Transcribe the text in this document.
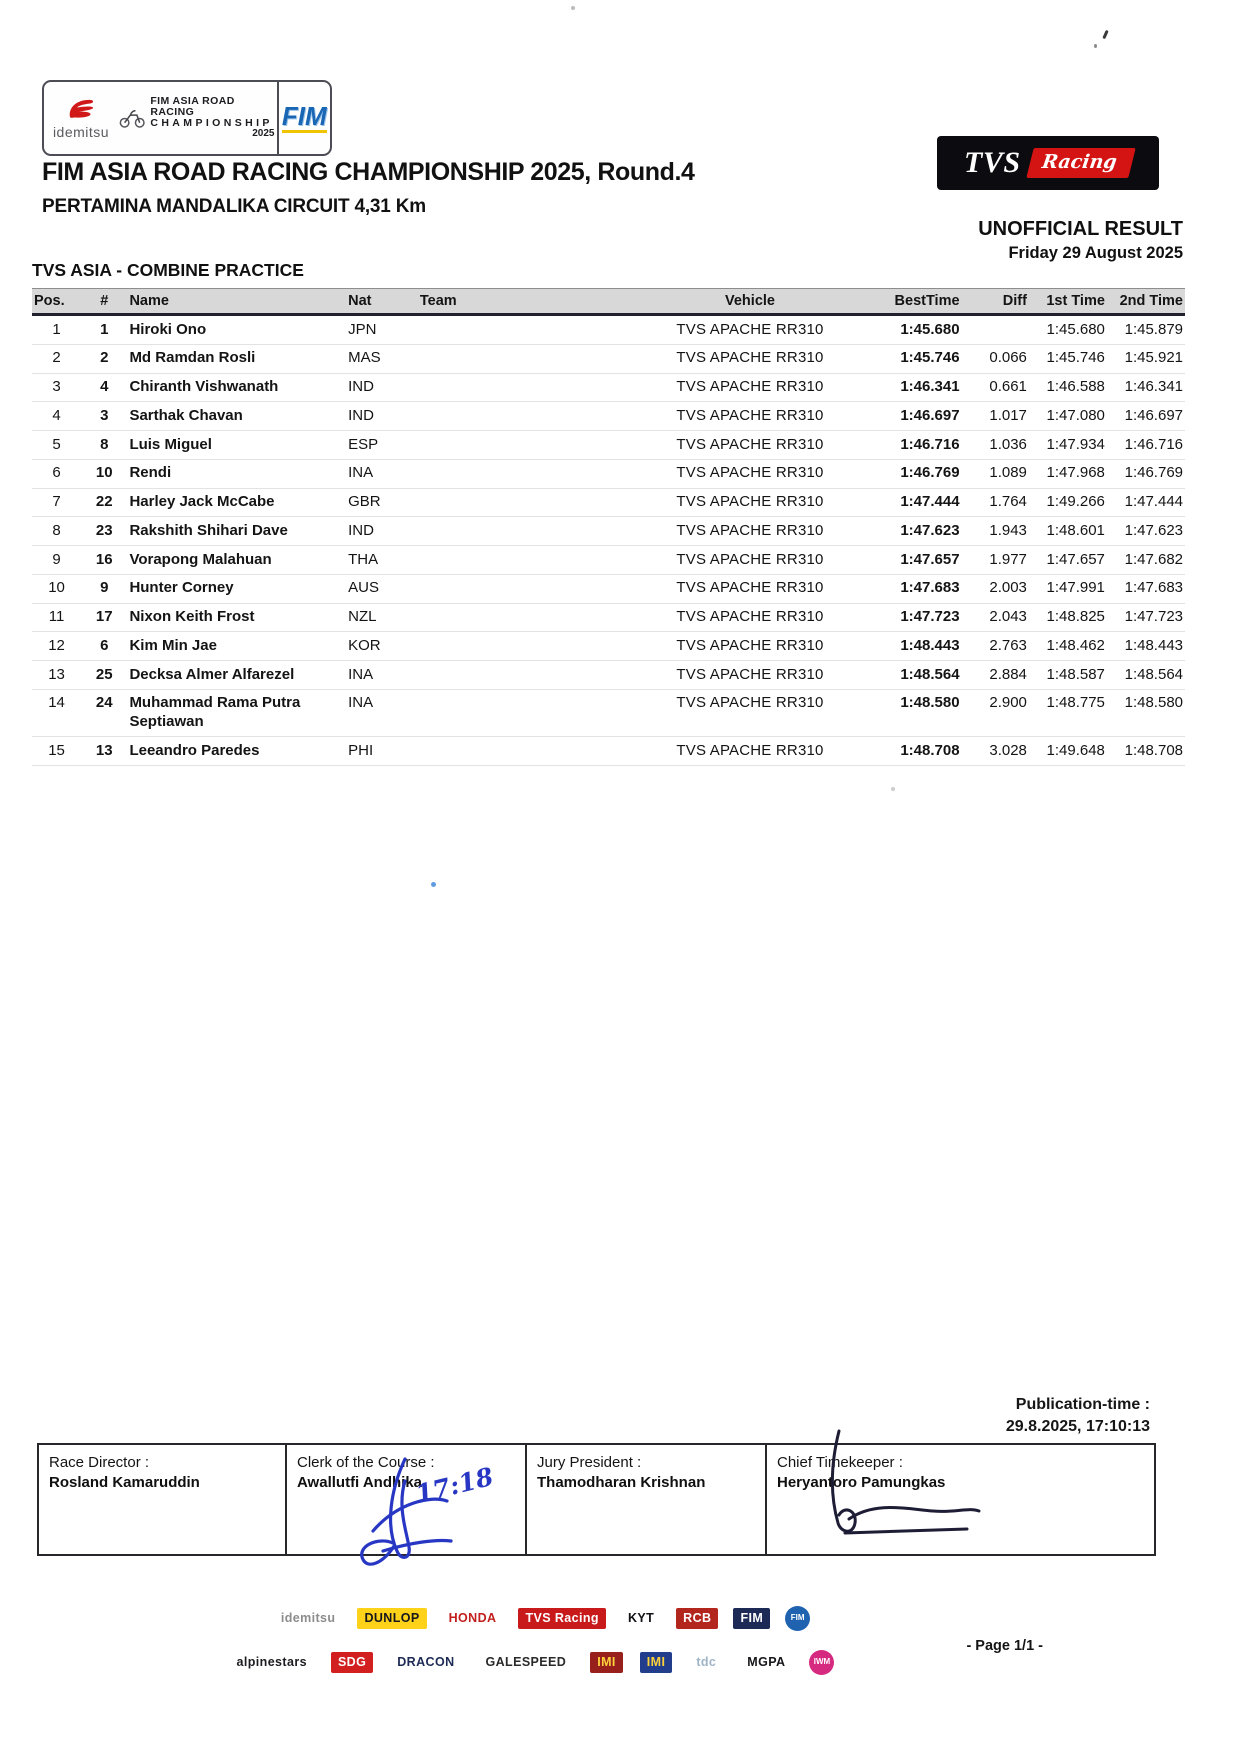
idemitsu
FIM ASIA ROAD RACING
CHAMPIONSHIP
2025
FIM
TVS	Racing
FIM ASIA ROAD RACING CHAMPIONSHIP 2025, Round.4
PERTAMINA MANDALIKA CIRCUIT 4,31 Km
UNOFFICIAL RESULT
Friday 29 August 2025
TVS ASIA - COMBINE PRACTICE
Pos.	#	Name	Nat	Team	Vehicle	BestTime	Diff	1st Time	2nd Time
1	1	Hiroki Ono	JPN		TVS APACHE RR310	1:45.680		1:45.680	1:45.879
2	2	Md Ramdan Rosli	MAS		TVS APACHE RR310	1:45.746	0.066	1:45.746	1:45.921
3	4	Chiranth Vishwanath	IND		TVS APACHE RR310	1:46.341	0.661	1:46.588	1:46.341
4	3	Sarthak Chavan	IND		TVS APACHE RR310	1:46.697	1.017	1:47.080	1:46.697
5	8	Luis Miguel	ESP		TVS APACHE RR310	1:46.716	1.036	1:47.934	1:46.716
6	10	Rendi	INA		TVS APACHE RR310	1:46.769	1.089	1:47.968	1:46.769
7	22	Harley Jack McCabe	GBR		TVS APACHE RR310	1:47.444	1.764	1:49.266	1:47.444
8	23	Rakshith Shihari Dave	IND		TVS APACHE RR310	1:47.623	1.943	1:48.601	1:47.623
9	16	Vorapong Malahuan	THA		TVS APACHE RR310	1:47.657	1.977	1:47.657	1:47.682
10	9	Hunter Corney	AUS		TVS APACHE RR310	1:47.683	2.003	1:47.991	1:47.683
11	17	Nixon Keith Frost	NZL		TVS APACHE RR310	1:47.723	2.043	1:48.825	1:47.723
12	6	Kim Min Jae	KOR		TVS APACHE RR310	1:48.443	2.763	1:48.462	1:48.443
13	25	Decksa Almer Alfarezel	INA		TVS APACHE RR310	1:48.564	2.884	1:48.587	1:48.564
14	24	Muhammad Rama Putra Septiawan	INA		TVS APACHE RR310	1:48.580	2.900	1:48.775	1:48.580
15	13	Leeandro Paredes	PHI		TVS APACHE RR310	1:48.708	3.028	1:49.648	1:48.708
Publication-time :
29.8.2025, 17:10:13
Race Director :
Rosland Kamaruddin
Clerk of the Course :
Awallutfi Andhika
17:18	Jury President :
Thamodharan Krishnan
Chief Timekeeper :
Heryantoro Pamungkas
idemitsu	DUNLOP	HONDA	TVS Racing	KYT	RCB	FIM	FIM
alpinestars	SDG	DRACON	GALESPEED	IMI	IMI	tdc	MGPA	IWM
- Page 1/1 -
